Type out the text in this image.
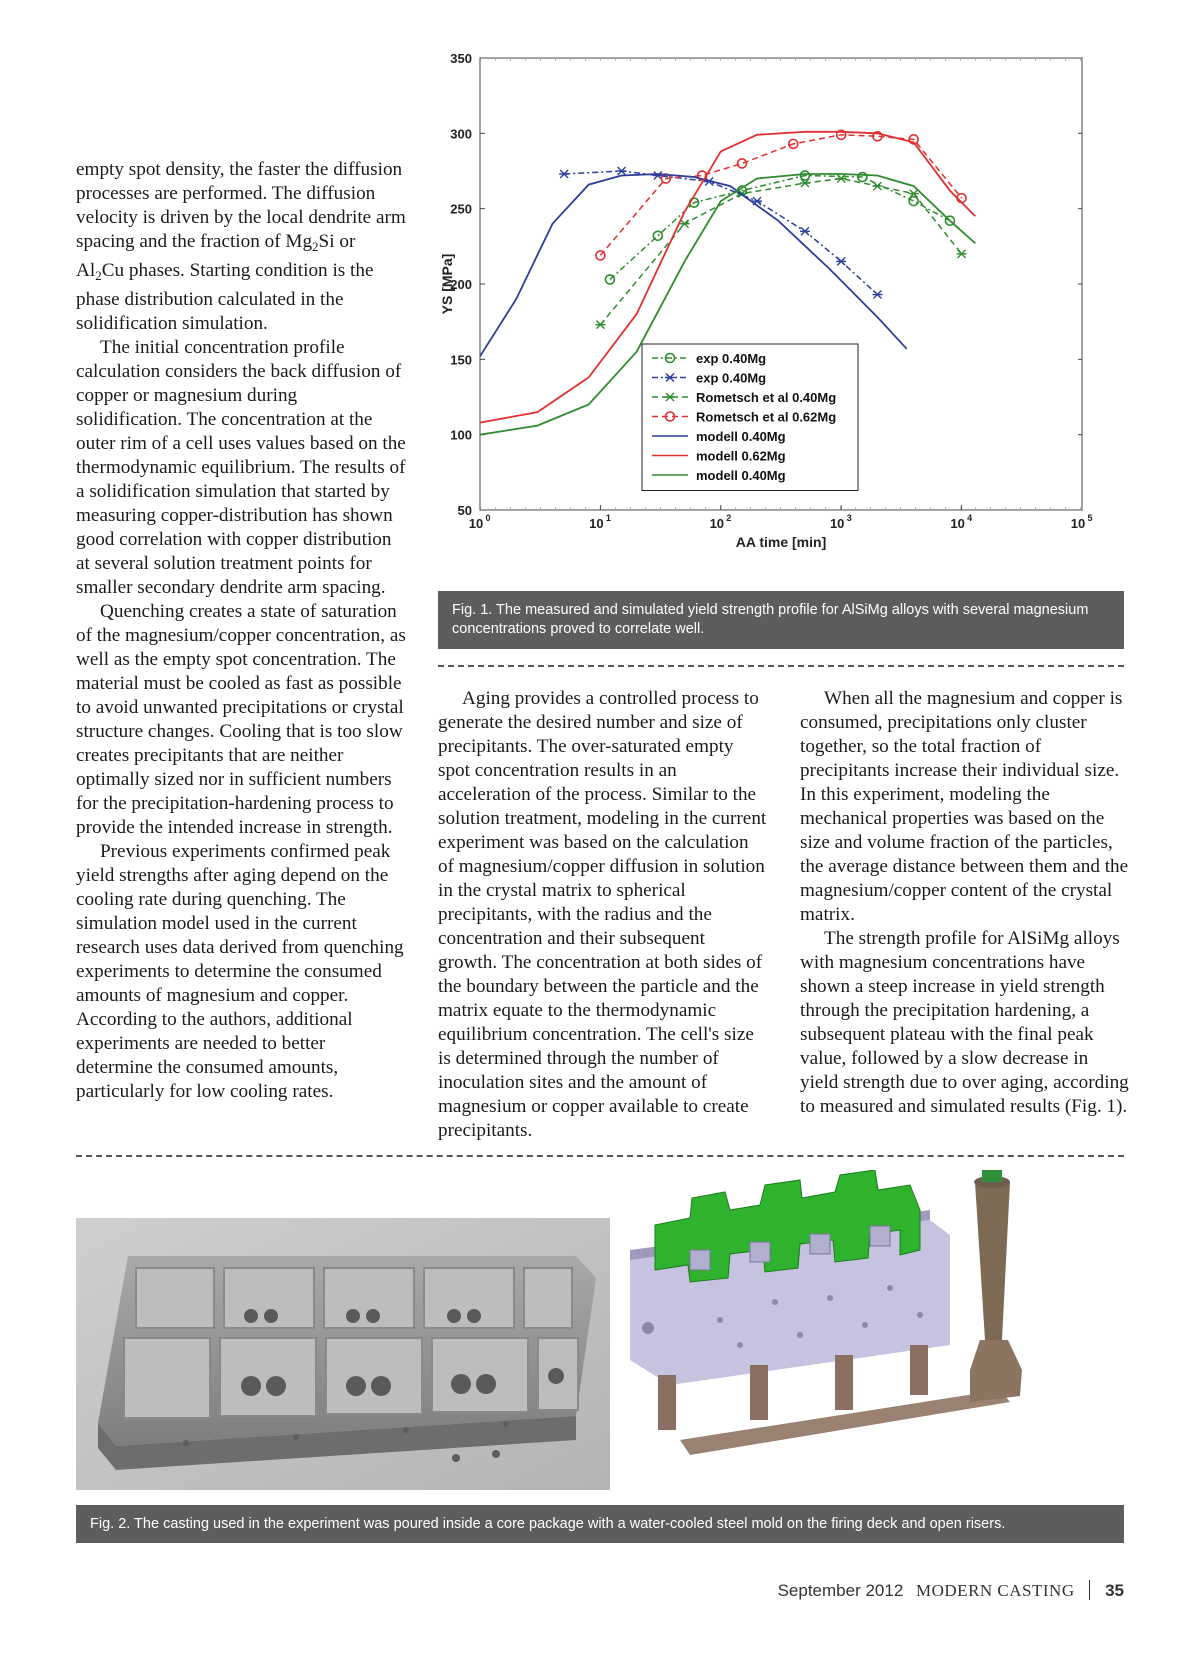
empty spot density, the faster the diffusion processes are performed. The diffusion velocity is driven by the local dendrite arm spacing and the fraction of $Mg_2Si$ or $Al_2Cu$ phases. Starting condition is the phase distribution calculated in the solidification simulation.

The initial concentration profile calculation considers the back diffusion of copper or magnesium during solidification. The concentration at the outer rim of a cell uses values based on the thermodynamic equilibrium. The results of a solidification simulation that started by measuring copper-distribution has shown good correlation with copper distribution at several solution treatment points for smaller secondary dendrite arm spacing.

Quenching creates a state of saturation of the magnesium/copper concentration, as well as the empty spot concentration. The material must be cooled as fast as possible to avoid unwanted precipitations or crystal structure changes. Cooling that is too slow creates precipitants that are neither optimally sized nor in sufficient numbers for the precipitation-hardening process to provide the intended increase in strength.

Previous experiments confirmed peak yield strengths after aging depend on the cooling rate during quenching. The simulation model used in the current research uses data derived from quenching experiments to determine the consumed amounts of magnesium and copper. According to the authors, additional experiments are needed to better determine the consumed amounts, particularly for low cooling rates.

50
100
150
200
250
300
350
10 0	10 1	10 2	10 3	10 4	10 5
AA time [min]
YS [MPa]
exp 0.40Mg
exp 0.40Mg
Rometsch et al 0.40Mg
Rometsch et al 0.62Mg
modell 0.40Mg
modell 0.62Mg
modell 0.40Mg
Fig. 1. The measured and simulated yield strength profile for AlSiMg alloys with several magnesium concentrations proved to correlate well.

Aging provides a controlled process to generate the desired number and size of precipitants. The over-saturated empty spot concentration results in an acceleration of the process. Similar to the solution treatment, modeling in the current experiment was based on the calculation of magnesium/copper diffusion in solution in the crystal matrix to spherical precipitants, with the radius and the concentration and their subsequent growth. The concentration at both sides of the boundary between the particle and the matrix equate to the thermodynamic equilibrium concentration. The cell's size is determined through the number of inoculation sites and the amount of magnesium or copper available to create precipitants.

When all the magnesium and copper is consumed, precipitations only cluster together, so the total fraction of precipitants increase their individual size. In this experiment, modeling the mechanical properties was based on the size and volume fraction of the particles, the average distance between them and the magnesium/copper content of the crystal matrix.

The strength profile for AlSiMg alloys with magnesium concentrations have shown a steep increase in yield strength through the precipitation hardening, a subsequent plateau with the final peak value, followed by a slow decrease in yield strength due to over aging, according to measured and simulated results (Fig. 1).

Fig. 2. The casting used in the experiment was poured inside a core package with a water-cooled steel mold on the firing deck and open risers.
September 2012 MODERN CASTING 35
